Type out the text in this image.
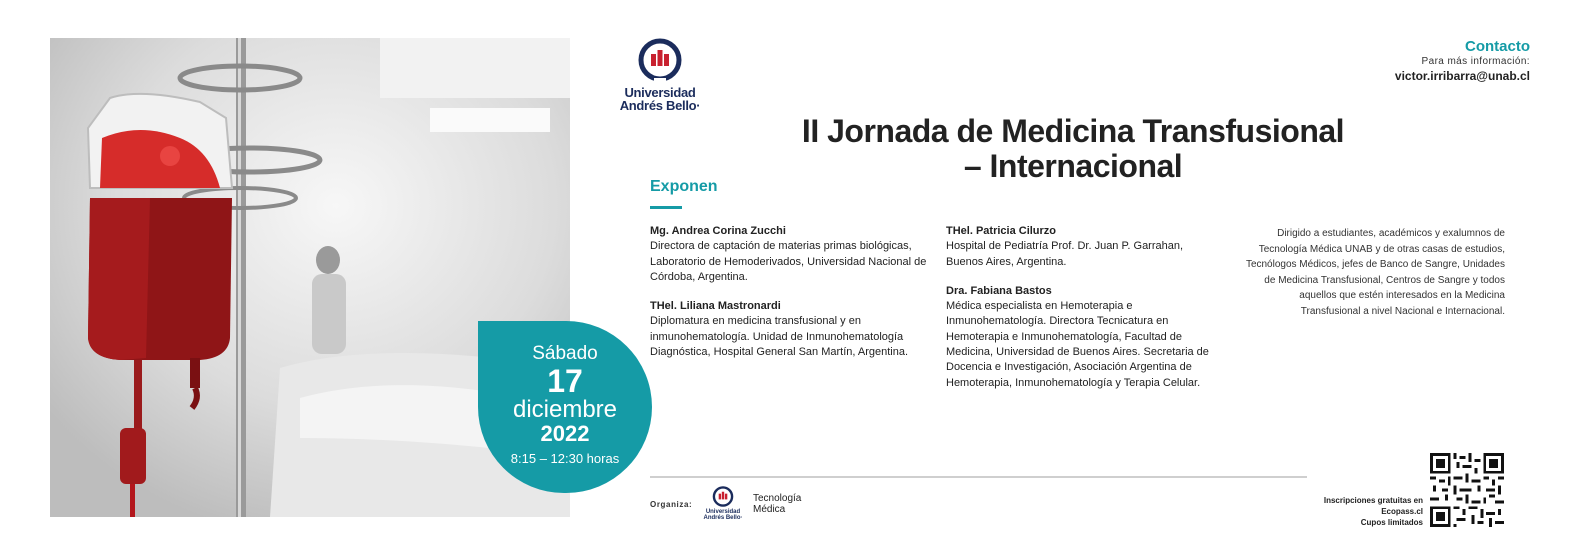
Sábado
17
diciembre
2022
8:15 – 12:30 horas
Universidad
Andrés Bello·
Contacto
Para más información:
victor.irribarra@unab.cl
II Jornada de Medicina Transfusional
– Internacional
Exponen
Mg. Andrea Corina Zucchi
Directora de captación de materias primas biológicas, Laboratorio de Hemoderivados, Universidad Nacional de Córdoba, Argentina.
THel. Liliana Mastronardi
Diplomatura en medicina transfusional y en inmunohematología. Unidad de Inmunohematología Diagnóstica, Hospital General San Martín, Argentina.
THel. Patricia Cilurzo
Hospital de Pediatría Prof. Dr. Juan P. Garrahan, Buenos Aires, Argentina.
Dra. Fabiana Bastos
Médica especialista en Hemoterapia e Inmunohematología. Directora Tecnicatura en Hemoterapia e Inmunohematología, Facultad de Medicina, Universidad de Buenos Aires. Secretaria de Docencia e Investigación, Asociación Argentina de Hemoterapia, Inmunohematología y Terapia Celular.
Dirigido a estudiantes, académicos y exalumnos de Tecnología Médica UNAB y de otras casas de estudios, Tecnólogos Médicos, jefes de Banco de Sangre, Unidades de Medicina Transfusional, Centros de Sangre y todos aquellos que estén interesados en la Medicina Transfusional a nivel Nacional e Internacional.
Organiza:
Universidad
Andrés Bello·
Tecnología
Médica
Inscripciones gratuitas en
Ecopass.cl
Cupos limitados
